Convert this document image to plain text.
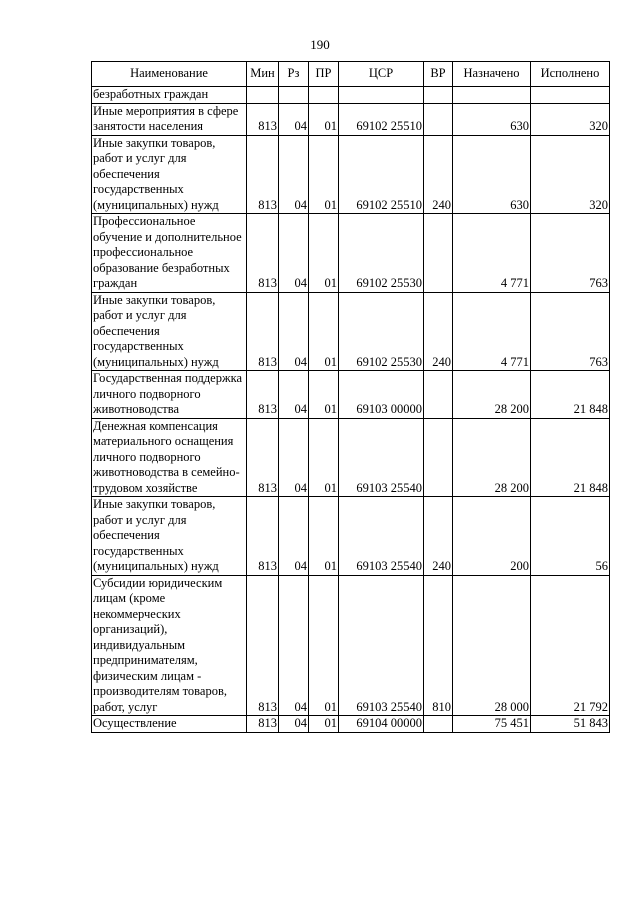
190
Наименование	Мин	Рз	ПР	ЦСР	ВР	Назначено	Исполнено
безработных граждан							
Иные мероприятия в сфере занятости населения	813	04	01	69102 25510		630	320
Иные закупки товаров, работ и услуг для обеспечения государственных (муниципальных) нужд	813	04	01	69102 25510	240	630	320
Профессиональное обучение и дополнительное профессиональное образование безработных граждан	813	04	01	69102 25530		4 771	763
Иные закупки товаров, работ и услуг для обеспечения государственных (муниципальных) нужд	813	04	01	69102 25530	240	4 771	763
Государственная поддержка личного подворного животноводства	813	04	01	69103 00000		28 200	21 848
Денежная компенсация материального оснащения личного подворного животноводства в семейно-трудовом хозяйстве	813	04	01	69103 25540		28 200	21 848
Иные закупки товаров, работ и услуг для обеспечения государственных (муниципальных) нужд	813	04	01	69103 25540	240	200	56
Субсидии юридическим лицам (кроме некоммерческих организаций), индивидуальным предпринимателям, физическим лицам - производителям товаров, работ, услуг	813	04	01	69103 25540	810	28 000	21 792
Осуществление	813	04	01	69104 00000		75 451	51 843
